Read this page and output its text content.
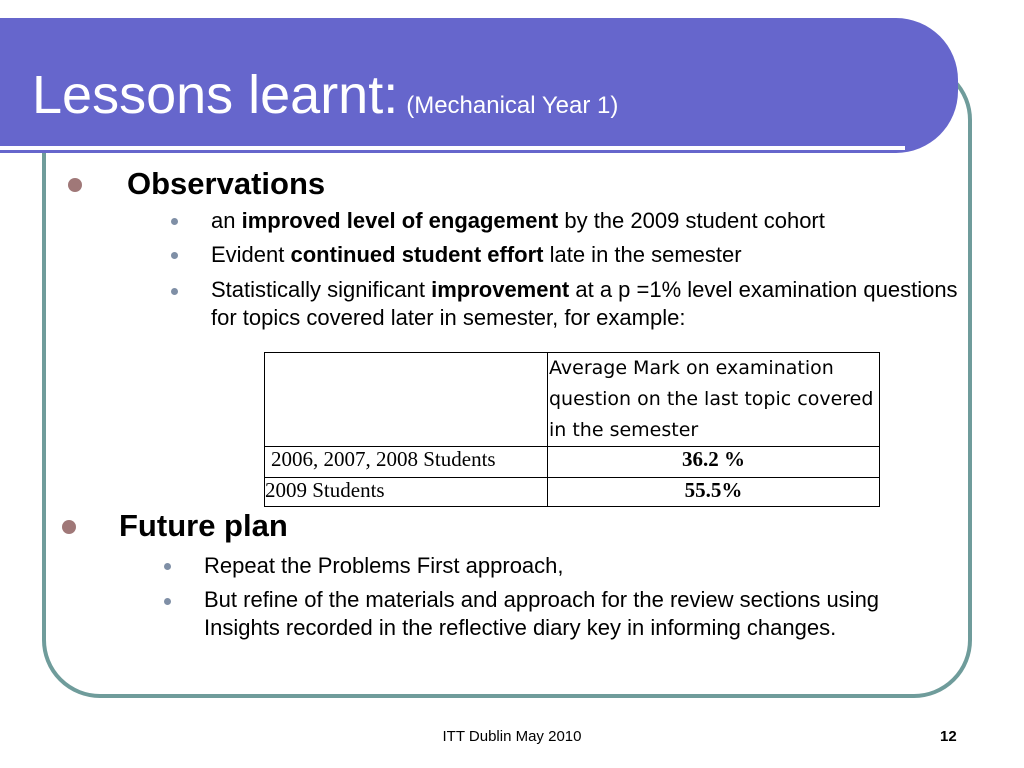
Lessons learnt: (Mechanical Year 1)
Observations
an improved level of engagement by the 2009 student cohort
Evident continued student effort late in the semester
Statistically significant improvement at a p =1% level examination questions for topics covered later in semester, for example:
	Average Mark on examination question on the last topic covered in the semester
2006, 2007, 2008 Students	36.2 %
2009 Students	55.5%
Future plan
Repeat the Problems First approach,
But refine of the materials and approach for the review sections using Insights recorded in the reflective diary key in informing changes.
ITT Dublin May 2010	12
